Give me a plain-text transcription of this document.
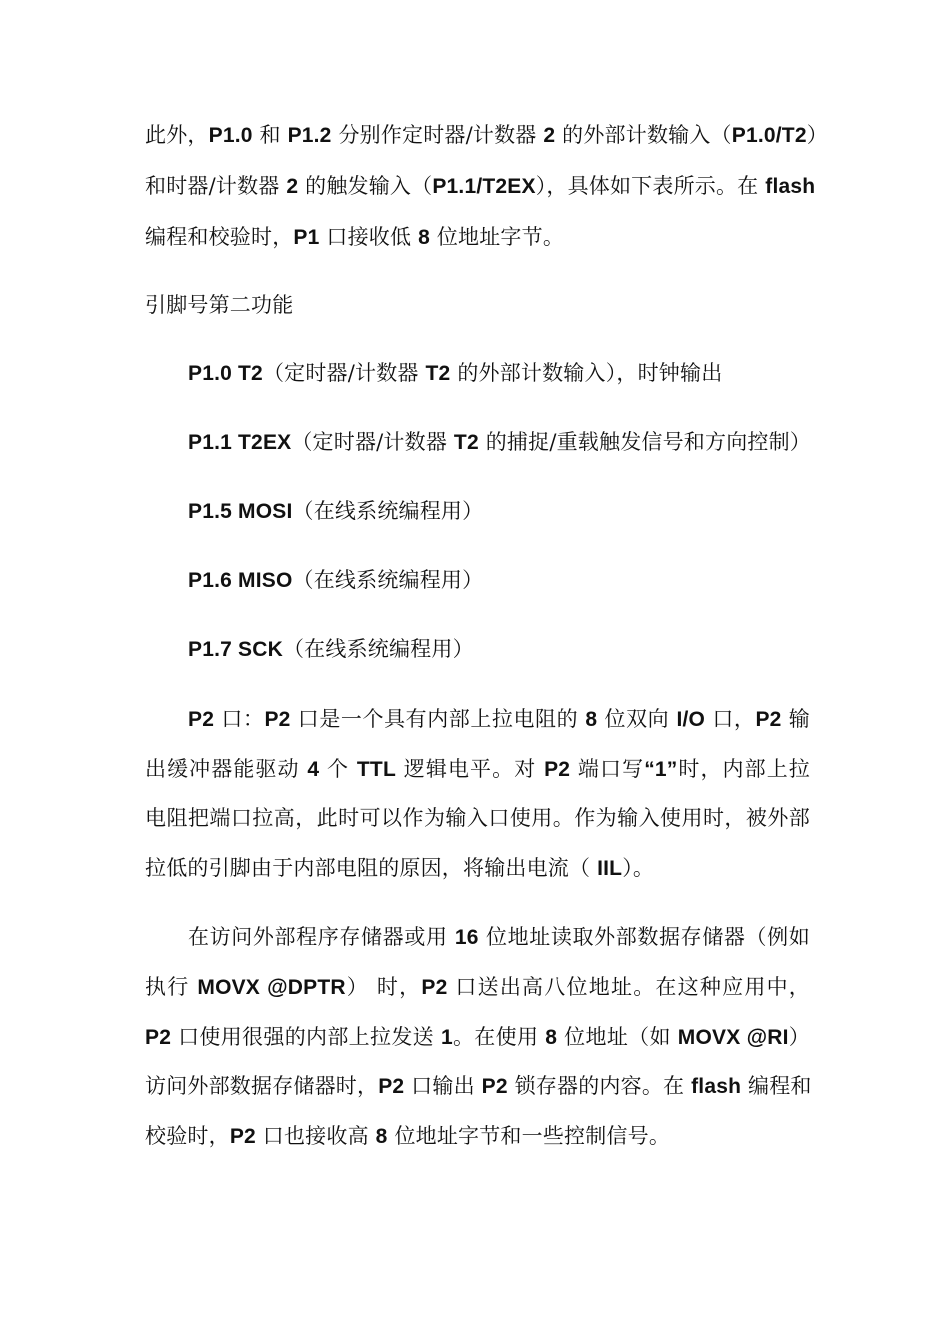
此外，P1.0 和 P1.2 分别作定时器/计数器 2 的外部计数输入（P1.0/T2）
和时器/计数器 2 的触发输入（P1.1/T2EX），具体如下表所示。在 flash
编程和校验时，P1 口接收低 8 位地址字节。
引脚号第二功能
P1.0 T2（定时器/计数器 T2 的外部计数输入），时钟输出
P1.1 T2EX（定时器/计数器 T2 的捕捉/重载触发信号和方向控制）
P1.5 MOSI（在线系统编程用）
P1.6 MISO（在线系统编程用）
P1.7 SCK（在线系统编程用）
P2 口：P2 口是一个具有内部上拉电阻的 8 位双向 I/O 口，P2 输
出缓冲器能驱动 4 个 TTL 逻辑电平。对 P2 端口写“1”时，内部上拉
电阻把端口拉高，此时可以作为输入口使用。作为输入使用时，被外部
拉低的引脚由于内部电阻的原因，将输出电流（ IIL）。
在访问外部程序存储器或用 16 位地址读取外部数据存储器（例如
执行 MOVX @DPTR） 时，P2 口送出高八位地址。在这种应用中，
P2 口使用很强的内部上拉发送 1。在使用 8 位地址（如 MOVX @RI）
访问外部数据存储器时，P2 口输出 P2 锁存器的内容。在 flash 编程和
校验时，P2 口也接收高 8 位地址字节和一些控制信号。
